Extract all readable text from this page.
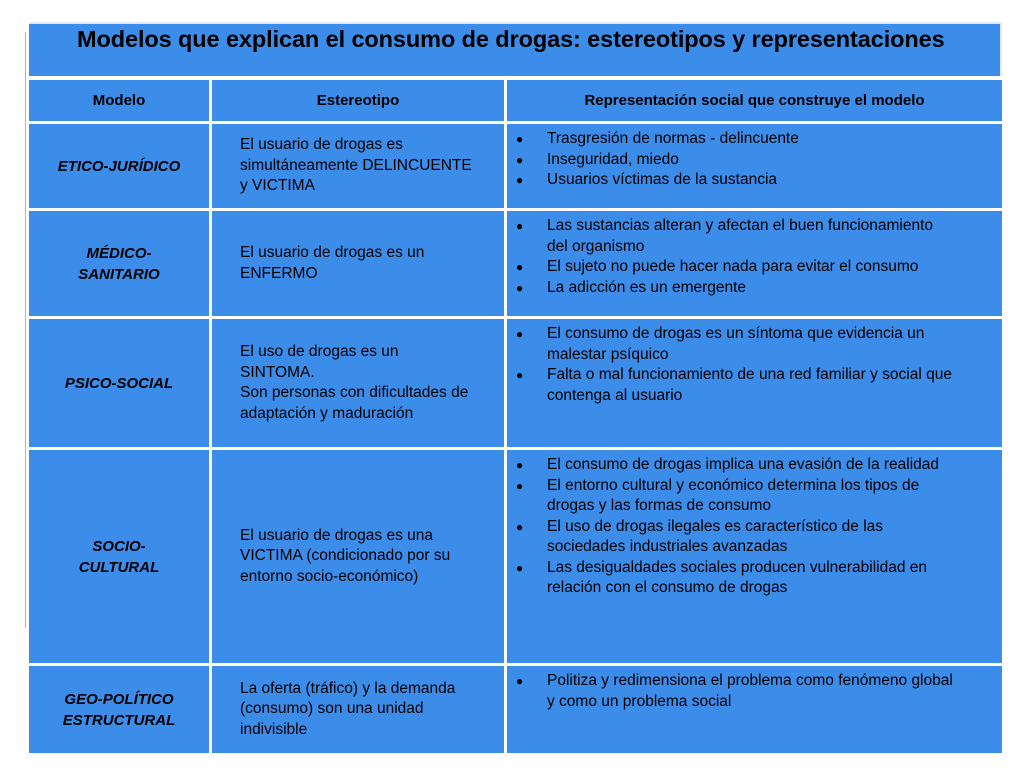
Modelos que explican el consumo de drogas: estereotipos y representaciones
Modelo	Estereotipo	Representación social que construye el modelo
ETICO-JURÍDICO
El usuario de drogas es
simultáneamente DELINCUENTE
y VICTIMA
● Trasgresión de normas - delincuente
● Inseguridad, miedo
● Usuarios víctimas de la sustancia
MÉDICO-
SANITARIO
El usuario de drogas es un
ENFERMO
● Las sustancias alteran y afectan el buen funcionamiento
del organismo
● El sujeto no puede hacer nada para evitar el consumo
● La adicción es un emergente
PSICO-SOCIAL
El uso de drogas es un
SINTOMA.
Son personas con dificultades de
adaptación y maduración
● El consumo de drogas es un síntoma que evidencia un
malestar psíquico
● Falta o mal funcionamiento de una red familiar y social que
contenga al usuario
SOCIO-
CULTURAL
El usuario de drogas es una
VICTIMA (condicionado por su
entorno socio-económico)
● El consumo de drogas implica una evasión de la realidad
● El entorno cultural y económico determina los tipos de
drogas y las formas de consumo
● El uso de drogas ilegales es característico de las
sociedades industriales avanzadas
● Las desigualdades sociales producen vulnerabilidad en
relación con el consumo de drogas
GEO-POLÍTICO
ESTRUCTURAL
La oferta (tráfico) y la demanda
(consumo) son una unidad
indivisible
● Politiza y redimensiona el problema como fenómeno global
y como un problema social
